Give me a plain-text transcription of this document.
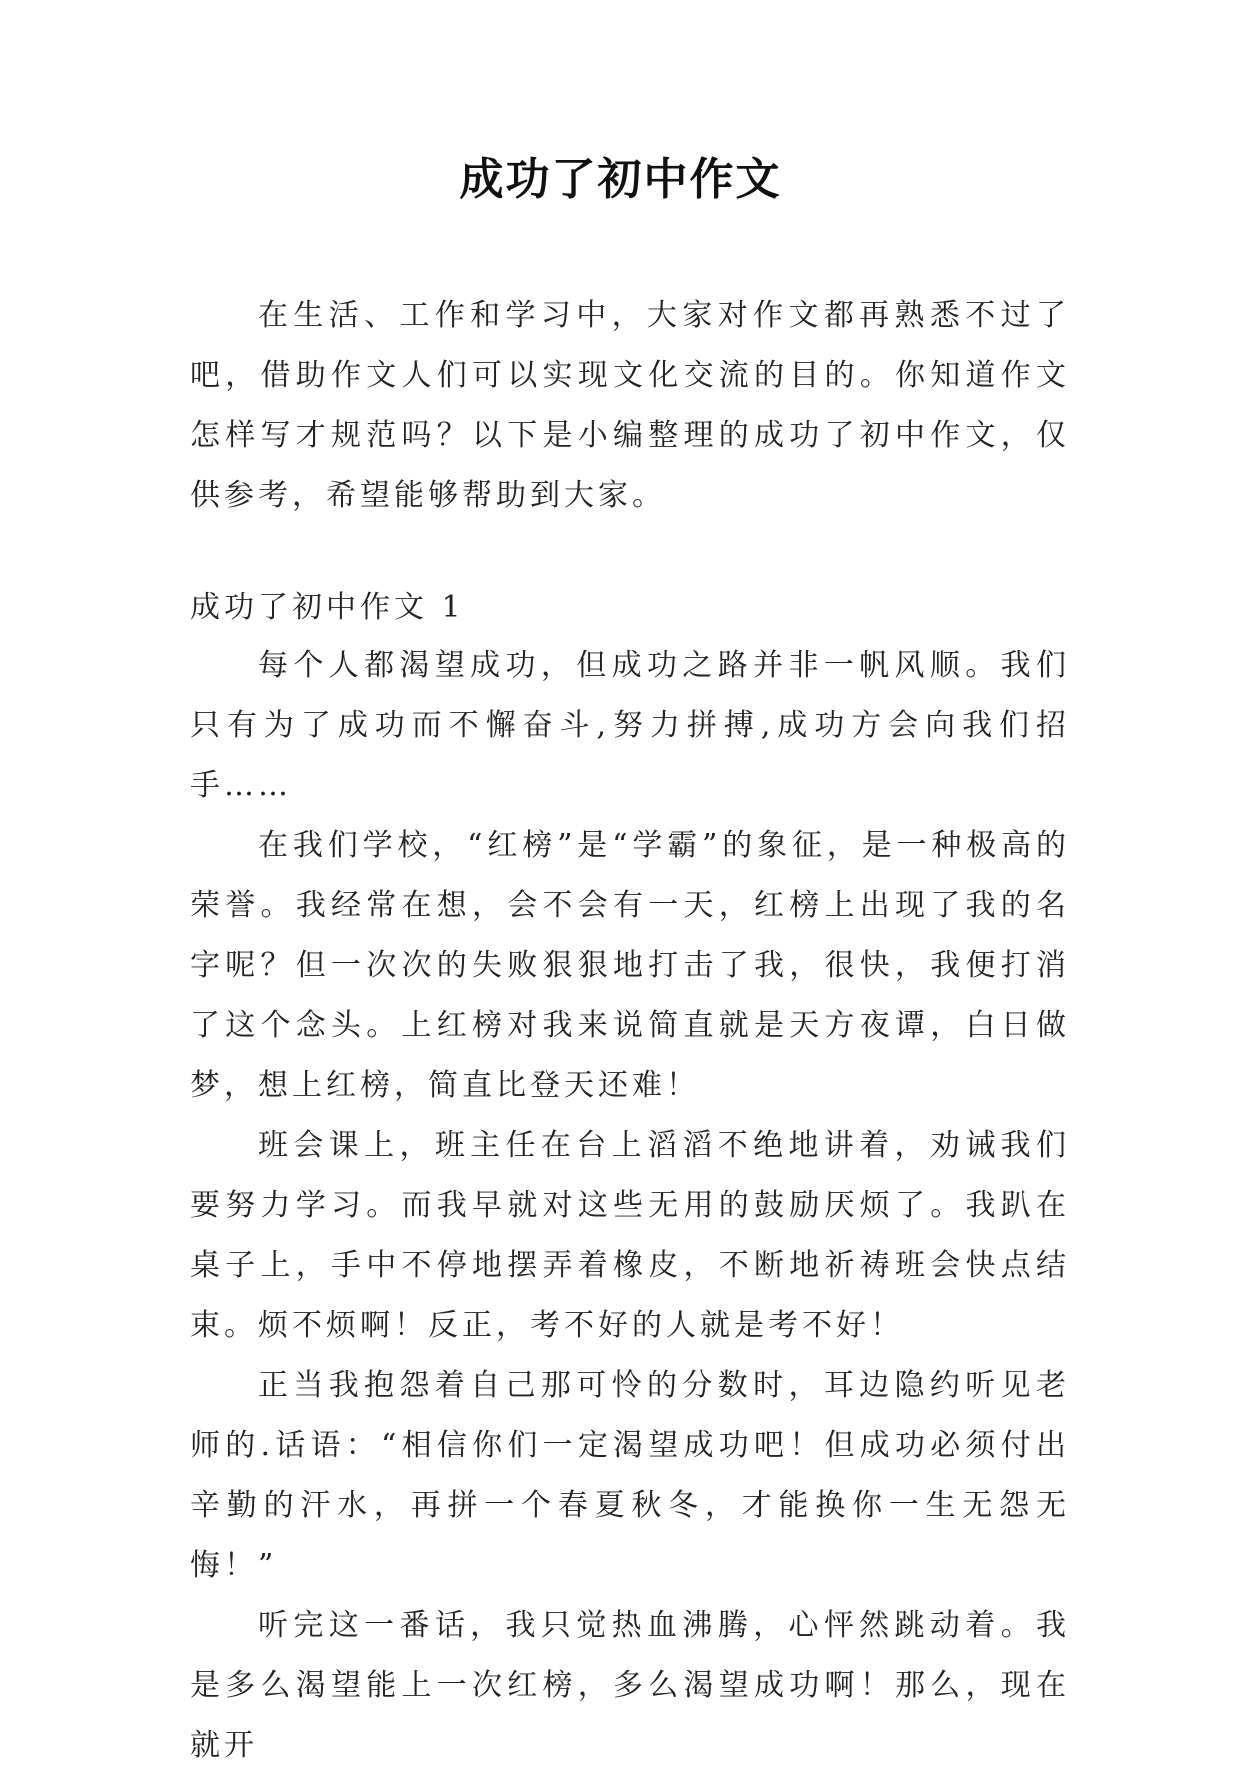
成功了初中作文

在生活、工作和学习中，大家对作文都再熟悉不过了吧，借助作文人们可以实现文化交流的目的。你知道作文怎样写才规范吗？以下是小编整理的成功了初中作文，仅供参考，希望能够帮助到大家。

成功了初中作文 1

每个人都渴望成功，但成功之路并非一帆风顺。我们只有为了成功而不懈奋斗,努力拼搏,成功方会向我们招手……

在我们学校，“红榜”是“学霸”的象征，是一种极高的荣誉。我经常在想，会不会有一天，红榜上出现了我的名字呢？但一次次的失败狠狠地打击了我，很快，我便打消了这个念头。上红榜对我来说简直就是天方夜谭，白日做梦，想上红榜，简直比登天还难！

班会课上，班主任在台上滔滔不绝地讲着，劝诫我们要努力学习。而我早就对这些无用的鼓励厌烦了。我趴在桌子上，手中不停地摆弄着橡皮，不断地祈祷班会快点结束。烦不烦啊！反正，考不好的人就是考不好！

正当我抱怨着自己那可怜的分数时，耳边隐约听见老师的.话语：“相信你们一定渴望成功吧！但成功必须付出辛勤的汗水，再拼一个春夏秋冬，才能换你一生无怨无悔！”

听完这一番话，我只觉热血沸腾，心怦然跳动着。我是多么渴望能上一次红榜，多么渴望成功啊！那么，现在就开
